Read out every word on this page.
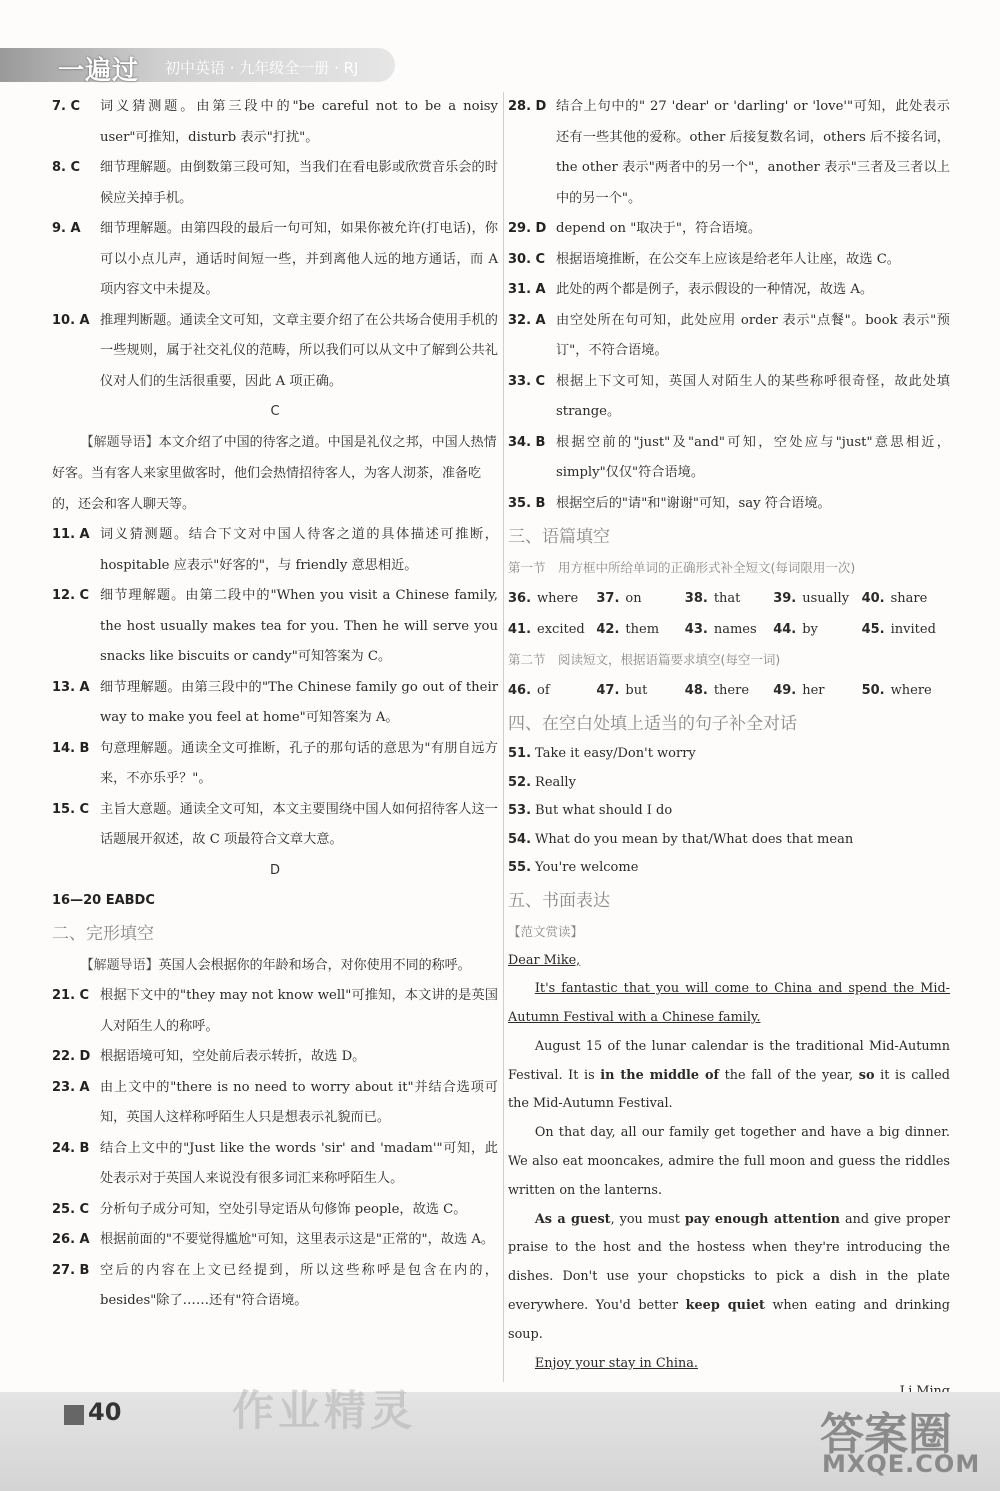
一遍过 初中英语 · 九年级全一册 · RJ
7. C	词义猜测题。由第三段中的"be careful not to be a noisy user"可推知，disturb 表示"打扰"。
8. C	细节理解题。由倒数第三段可知，当我们在看电影或欣赏音乐会的时候应关掉手机。
9. A	细节理解题。由第四段的最后一句可知，如果你被允许(打电话)，你可以小点儿声，通话时间短一些，并到离他人远的地方通话，而 A 项内容文中未提及。
10. A 推理判断题。通读全文可知，文章主要介绍了在公共场合使用手机的一些规则，属于社交礼仪的范畴，所以我们可以从文中了解到公共礼仪对人们的生活很重要，因此 A 项正确。
C
【解题导语】本文介绍了中国的待客之道。中国是礼仪之邦，中国人热情好客。当有客人来家里做客时，他们会热情招待客人，为客人沏茶，准备吃的，还会和客人聊天等。
11. A 词义猜测题。结合下文对中国人待客之道的具体描述可推断，hospitable 应表示"好客的"，与 friendly 意思相近。
12. C 细节理解题。由第二段中的"When you visit a Chinese family, the host usually makes tea for you. Then he will serve you snacks like biscuits or candy"可知答案为 C。
13. A 细节理解题。由第三段中的"The Chinese family go out of their way to make you feel at home"可知答案为 A。
14. B 句意理解题。通读全文可推断，孔子的那句话的意思为"有朋自远方来，不亦乐乎？"。
15. C 主旨大意题。通读全文可知，本文主要围绕中国人如何招待客人这一话题展开叙述，故 C 项最符合文章大意。
D
16—20 EABDC
二、完形填空
【解题导语】英国人会根据你的年龄和场合，对你使用不同的称呼。
21. C 根据下文中的"they may not know well"可推知，本文讲的是英国人对陌生人的称呼。
22. D 根据语境可知，空处前后表示转折，故选 D。
23. A 由上文中的"there is no need to worry about it"并结合选项可知，英国人这样称呼陌生人只是想表示礼貌而已。
24. B 结合上文中的"Just like the words 'sir' and 'madam'"可知，此处表示对于英国人来说没有很多词汇来称呼陌生人。
25. C 分析句子成分可知，空处引导定语从句修饰 people，故选 C。
26. A 根据前面的"不要觉得尴尬"可知，这里表示这是"正常的"，故选 A。
27. B 空后的内容在上文已经提到，所以这些称呼是包含在内的，besides"除了……还有"符合语境。
28. D 结合上句中的" 27 'dear' or 'darling' or 'love'"可知，此处表示还有一些其他的爱称。other 后接复数名词，others 后不接名词，the other 表示"两者中的另一个"，another 表示"三者及三者以上中的另一个"。
29. D depend on "取决于"，符合语境。
30. C 根据语境推断，在公交车上应该是给老年人让座，故选 C。
31. A 此处的两个都是例子，表示假设的一种情况，故选 A。
32. A 由空处所在句可知，此处应用 order 表示"点餐"。book 表示"预订"，不符合语境。
33. C 根据上下文可知，英国人对陌生人的某些称呼很奇怪，故此处填 strange。
34. B 根据空前的"just"及"and"可知，空处应与"just"意思相近，simply"仅仅"符合语境。
35. B 根据空后的"请"和"谢谢"可知，say 符合语境。
三、语篇填空
第一节　用方框中所给单词的正确形式补全短文(每词限用一次)
36. where	37. on	38. that	39. usually 40. share
41. excited 42. them	43. names	44. by	45. invited
第二节　阅读短文，根据语篇要求填空(每空一词)
46. of	47. but	48. there	49. her	50. where
四、在空白处填上适当的句子补全对话
51. Take it easy/Don't worry
52. Really
53. But what should I do
54. What do you mean by that/What does that mean
55. You're welcome
五、书面表达
【范文赏读】

Dear Mike,

It's fantastic that you will come to China and spend the Mid-Autumn Festival with a Chinese family.

August 15 of the lunar calendar is the traditional Mid-Autumn Festival. It is in the middle of the fall of the year, so it is called the Mid-Autumn Festival.

On that day, all our family get together and have a big dinner. We also eat mooncakes, admire the full moon and guess the riddles written on the lanterns.

As a guest, you must pay enough attention and give proper praise to the host and the hostess when they're introducing the dishes. Don't use your chopsticks to pick a dish in the plate everywhere. You'd better keep quiet when eating and drinking soup.

Enjoy your stay in China.

40	作业精灵	答案圈
MXQE.COM
